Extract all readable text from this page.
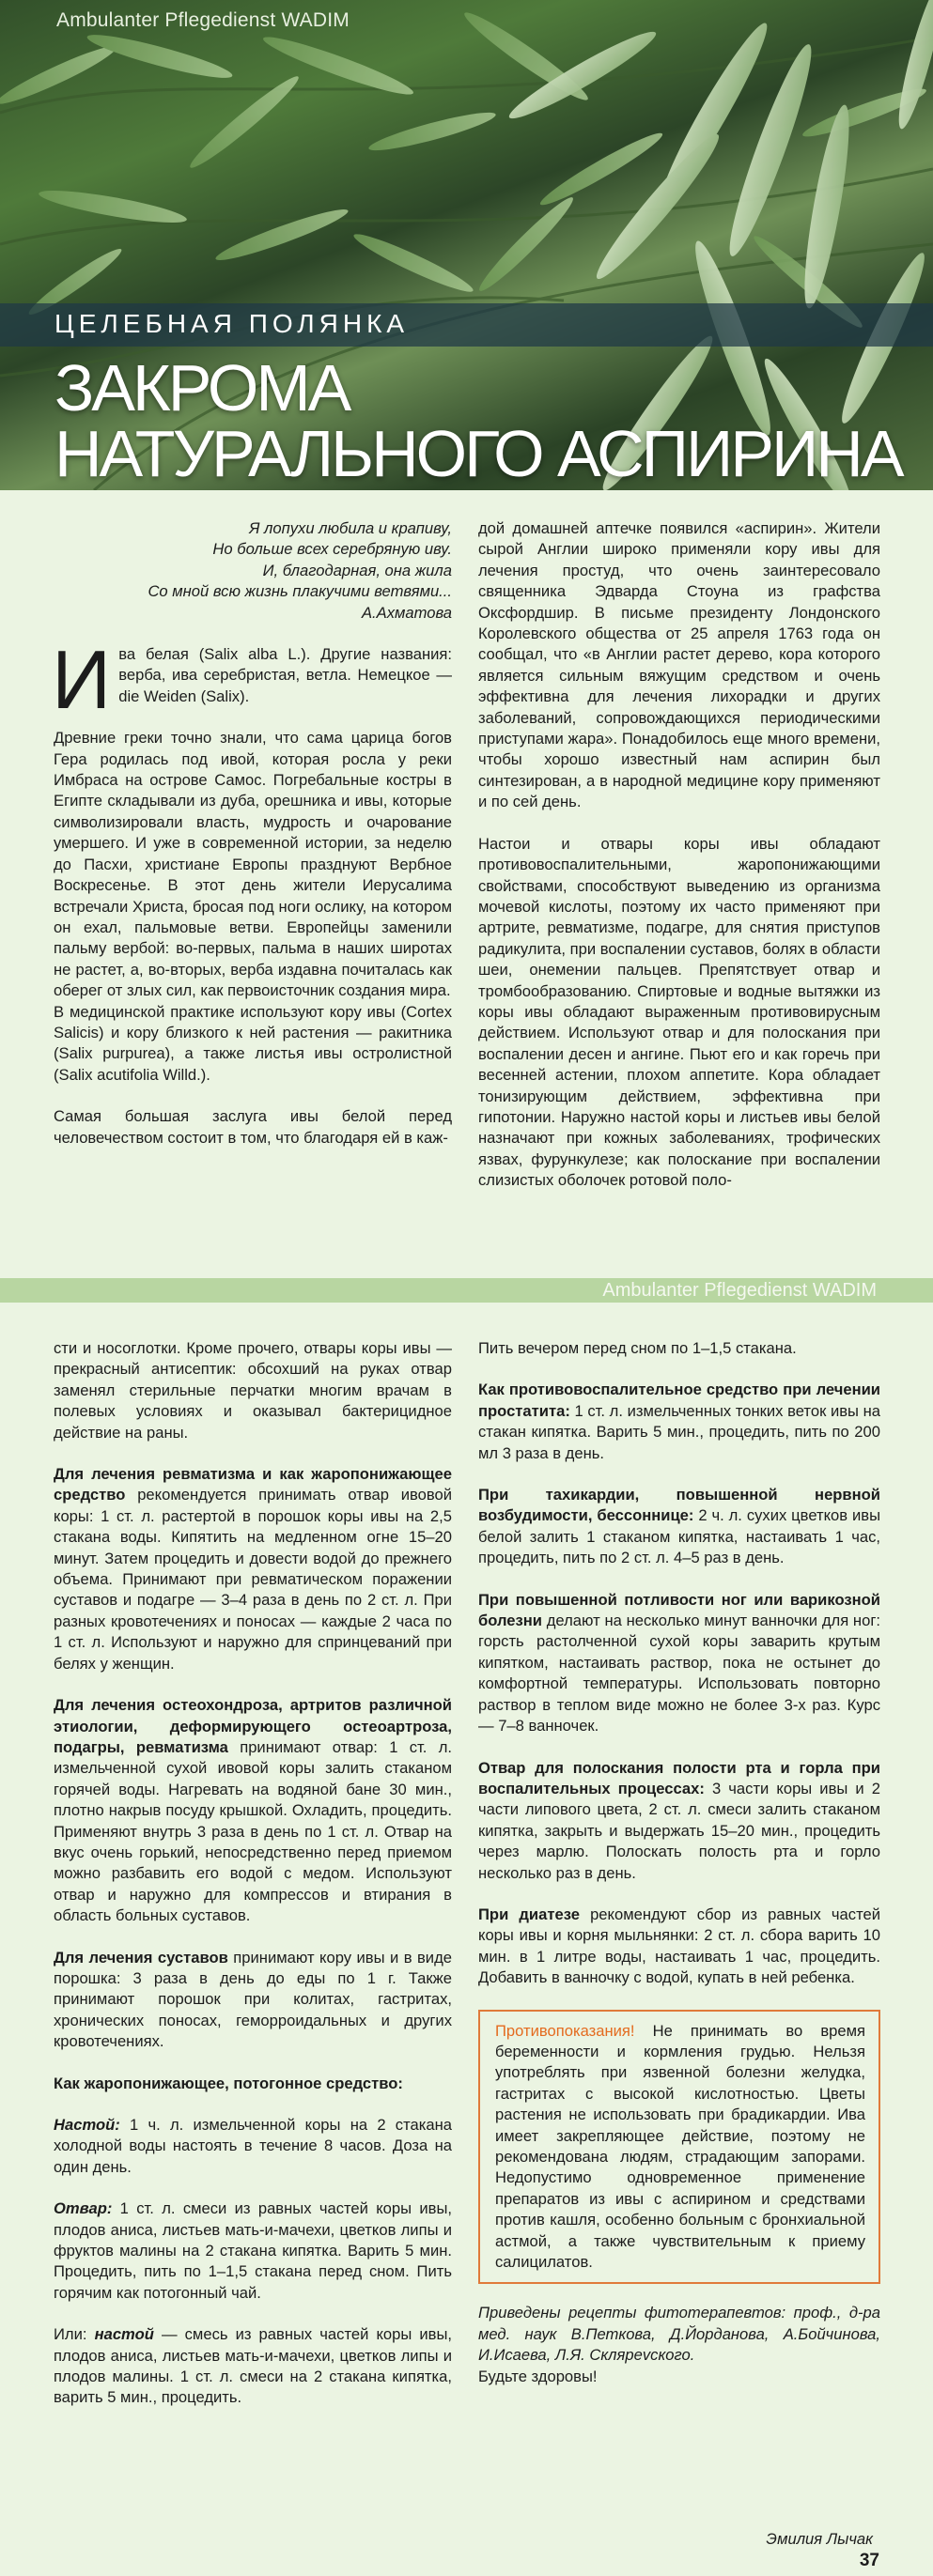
Ambulanter Pflegedienst WADIM
ЦЕЛЕБНАЯ ПОЛЯНКА
ЗАКРОМА
НАТУРАЛЬНОГО АСПИРИНА
Я лопухи любила и крапиву,
Но больше всех серебряную иву.
И, благодарная, она жила
Со мной всю жизнь плакучими ветвями...
А.Ахматова
И ва белая (Salix alba L.). Другие названия: верба, ива серебристая, ветла. Немецкое — die Weiden (Salix).

Древние греки точно знали, что сама царица богов Гера родилась под ивой, которая росла у реки Имбраса на острове Самос. Погребальные костры в Египте складывали из дуба, орешника и ивы, которые символизировали власть, мудрость и очарование умершего. И уже в современной истории, за неделю до Пасхи, христиане Европы празднуют Вербное Воскресенье. В этот день жители Иерусалима встречали Христа, бросая под ноги ослику, на котором он ехал, пальмовые ветви. Европейцы заменили пальму вербой: во-первых, пальма в наших широтах не растет, а, во-вторых, верба издавна почиталась как оберег от злых сил, как первоисточник создания мира.

В медицинской практике используют кору ивы (Cortex Salicis) и кору близкого к ней растения — ракитника (Salix purpurea), а также листья ивы остролистной (Salix acutifolia Willd.).

Самая большая заслуга ивы белой перед человечеством состоит в том, что благодаря ей в каж-

дой домашней аптечке появился «аспирин». Жители сырой Англии широко применяли кору ивы для лечения простуд, что очень заинтересовало священника Эдварда Стоуна из графства Оксфордшир. В письме президенту Лондонского Королевского общества от 25 апреля 1763 года он сообщал, что «в Англии растет дерево, кора которого является сильным вяжущим средством и очень эффективна для лечения лихорадки и других заболеваний, сопровождающихся периодическими приступами жара». Понадобилось еще много времени, чтобы хорошо известный нам аспирин был синтезирован, а в народной медицине кору применяют и по сей день.

Настои и отвары коры ивы обладают противовоспалительными, жаропонижающими свойствами, способствуют выведению из организма мочевой кислоты, поэтому их часто применяют при артрите, ревматизме, подагре, для снятия приступов радикулита, при воспалении суставов, болях в области шеи, онемении пальцев. Препятствует отвар и тромбообразованию. Спиртовые и водные вытяжки из коры ивы обладают выраженным противовирусным действием. Используют отвар и для полоскания при воспалении десен и ангине. Пьют его и как горечь при весенней астении, плохом аппетите. Кора обладает тонизирующим действием, эффективна при гипотонии. Наружно настой коры и листьев ивы белой назначают при кожных заболеваниях, трофических язвах, фурункулезе; как полоскание при воспалении слизистых оболочек ротовой поло-

Ambulanter Pflegedienst WADIM

сти и носоглотки. Кроме прочего, отвары коры ивы — прекрасный антисептик: обсохший на руках отвар заменял стерильные перчатки многим врачам в полевых условиях и оказывал бактерицидное действие на раны.

Для лечения ревматизма и как жаропонижающее средство рекомендуется принимать отвар ивовой коры: 1 ст. л. растертой в порошок коры ивы на 2,5 стакана воды. Кипятить на медленном огне 15–20 минут. Затем процедить и довести водой до прежнего объема. Принимают при ревматическом поражении суставов и подагре — 3–4 раза в день по 2 ст. л. При разных кровотечениях и поносах — каждые 2 часа по 1 ст. л. Используют и наружно для спринцеваний при белях у женщин.

Для лечения остеохондроза, артритов различной этиологии, деформирующего остеоартроза, подагры, ревматизма принимают отвар: 1 ст. л. измельченной сухой ивовой коры залить стаканом горячей воды. Нагревать на водяной бане 30 мин., плотно накрыв посуду крышкой. Охладить, процедить. Применяют внутрь 3 раза в день по 1 ст. л. Отвар на вкус очень горький, непосредственно перед приемом можно разбавить его водой с медом. Используют отвар и наружно для компрессов и втирания в область больных суставов.

Для лечения суставов принимают кору ивы и в виде порошка: 3 раза в день до еды по 1 г. Также принимают порошок при колитах, гастритах, хронических поносах, геморроидальных и других кровотечениях.

Как жаропонижающее, потогонное средство:

Настой: 1 ч. л. измельченной коры на 2 стакана холодной воды настоять в течение 8 часов. Доза на один день.

Отвар: 1 ст. л. смеси из равных частей коры ивы, плодов аниса, листьев мать-и-мачехи, цветков липы и фруктов малины на 2 стакана кипятка. Варить 5 мин. Процедить, пить по 1–1,5 стакана перед сном. Пить горячим как потогонный чай.

Или: настой — смесь из равных частей коры ивы, плодов аниса, листьев мать-и-мачехи, цветков липы и плодов малины. 1 ст. л. смеси на 2 стакана кипятка, варить 5 мин., процедить.

Пить вечером перед сном по 1–1,5 стакана.

Как противовоспалительное средство при лечении простатита: 1 ст. л. измельченных тонких веток ивы на стакан кипятка. Варить 5 мин., процедить, пить по 200 мл 3 раза в день.

При тахикардии, повышенной нервной возбудимости, бессоннице: 2 ч. л. сухих цветков ивы белой залить 1 стаканом кипятка, настаивать 1 час, процедить, пить по 2 ст. л. 4–5 раз в день.

При повышенной потливости ног или варикозной болезни делают на несколько минут ванночки для ног: горсть растолченной сухой коры заварить крутым кипятком, настаивать раствор, пока не остынет до комфортной температуры. Использовать повторно раствор в теплом виде можно не более 3-х раз. Курс — 7–8 ванночек.

Отвар для полоскания полости рта и горла при воспалительных процессах: 3 части коры ивы и 2 части липового цвета, 2 ст. л. смеси залить стаканом кипятка, закрыть и выдержать 15–20 мин., процедить через марлю. Полоскать полость рта и горло несколько раз в день.

При диатезе рекомендуют сбор из равных частей коры ивы и корня мыльнянки: 2 ст. л. сбора варить 10 мин. в 1 литре воды, настаивать 1 час, процедить. Добавить в ванночку с водой, купать в ней ребенка.

Противопоказания! Не принимать во время беременности и кормления грудью. Нельзя употреблять при язвенной болезни желудка, гастритах с высокой кислотностью. Цветы растения не использовать при брадикардии. Ива имеет закрепляющее действие, поэтому не рекомендована людям, страдающим запорами. Недопустимо одновременное применение препаратов из ивы с аспирином и средствами против кашля, особенно больным с бронхиальной астмой, а также чувствительным к приему салицилатов.
Приведены рецепты фитотерапевтов: проф., д-ра мед. наук В.Петкова, Д.Йорданова, А.Бойчинова, И.Исаева, Л.Я. Склярevского.
Будьте здоровы!
Эмилия Лычак
37
